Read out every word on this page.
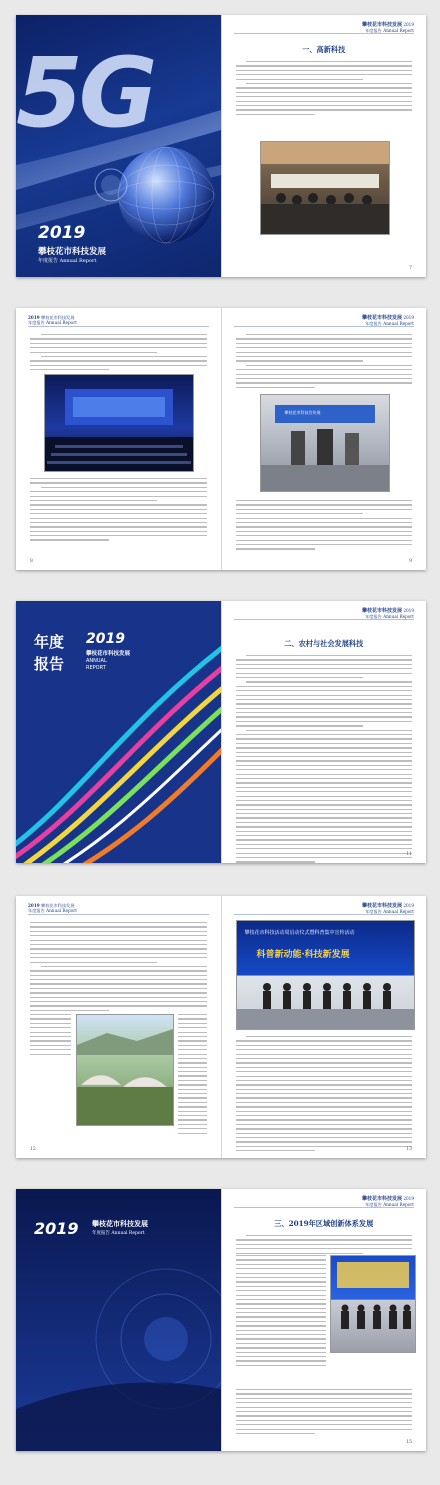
5G
2019
攀枝花市科技发展
年度报告 Annual Report
攀枝花市科技发展 2019
年度报告 Annual Report
一、高新科技
7
2019 攀枝花市科技发展
年度报告 Annual Report
8
攀枝花市科技发展 2019
年度报告 Annual Report
攀枝花市科技宣传展
9
年度
报告
2019
攀枝花市科技发展
ANNUAL
REPORT
攀枝花市科技发展 2019
年度报告 Annual Report
二、农村与社会发展科技
11
2019 攀枝花市科技发展
年度报告 Annual Report
12
攀枝花市科技发展 2019
年度报告 Annual Report
攀枝花市科技活动周启动仪式暨科普集中宣传活动
科普新动能·科技新发展
13
2019 攀枝花市科技发展
年度报告 Annual Report
攀枝花市科技发展 2019
年度报告 Annual Report
三、2019年区域创新体系发展
15
